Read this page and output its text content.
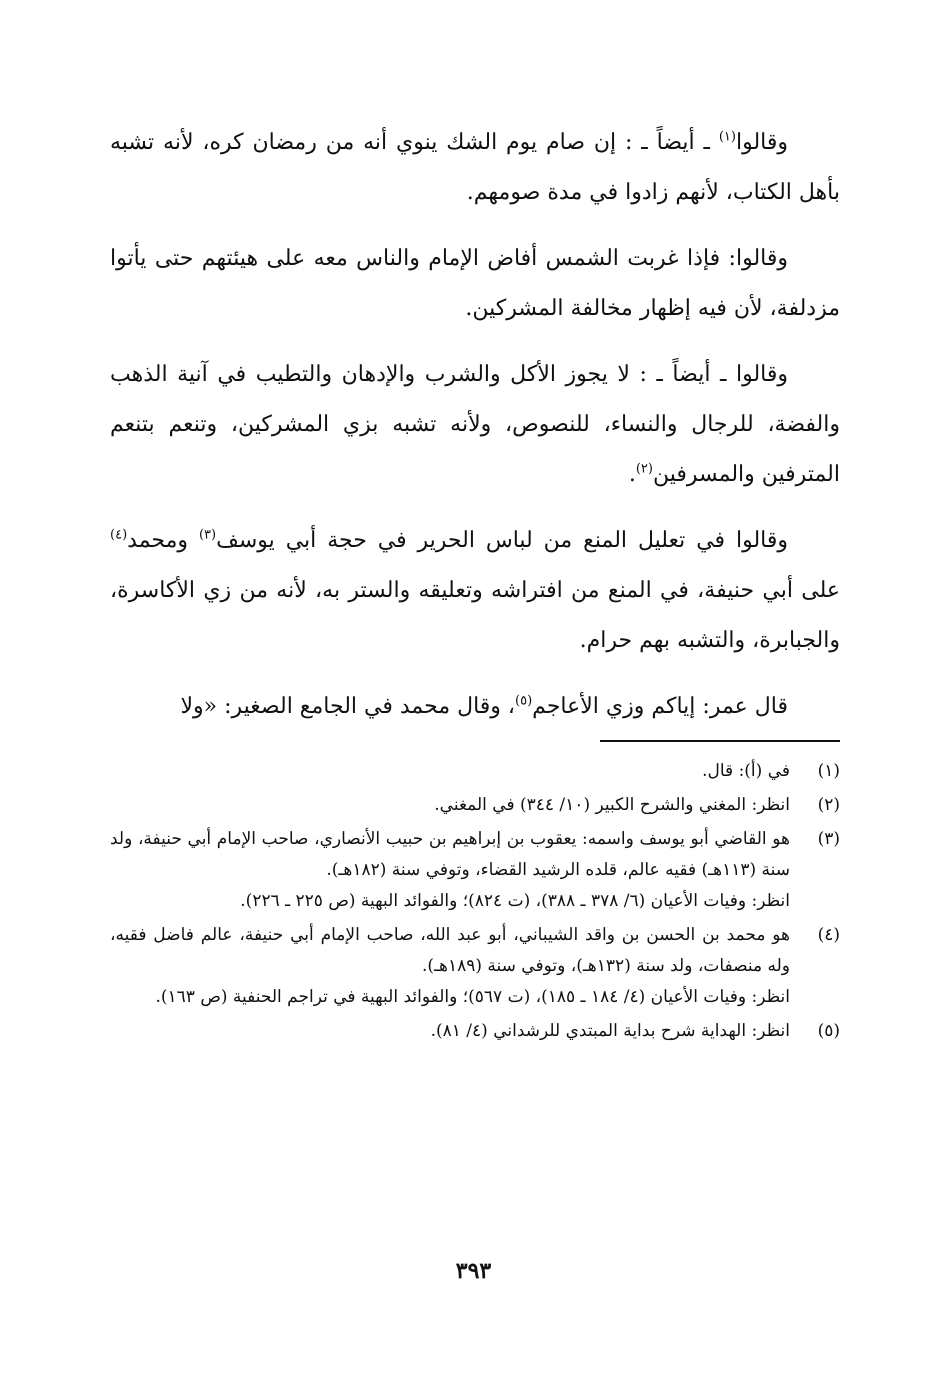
وقالوا$^{(١)}$ ـ أيضاً ـ : إن صام يوم الشك ينوي أنه من رمضان كره، لأنه تشبه بأهل الكتاب، لأنهم زادوا في مدة صومهم.

وقالوا: فإذا غربت الشمس أفاض الإمام والناس معه على هيئتهم حتى يأتوا مزدلفة، لأن فيه إظهار مخالفة المشركين.

وقالوا ـ أيضاً ـ : لا يجوز الأكل والشرب والإدهان والتطيب في آنية الذهب والفضة، للرجال والنساء، للنصوص، ولأنه تشبه بزي المشركين، وتنعم بتنعم المترفين والمسرفين$^{(٢)}$.

وقالوا في تعليل المنع من لباس الحرير في حجة أبي يوسف$^{(٣)}$ ومحمد$^{(٤)}$ على أبي حنيفة، في المنع من افتراشه وتعليقه والستر به، لأنه من زي الأكاسرة، والجبابرة، والتشبه بهم حرام.

قال عمر: إياكم وزي الأعاجم$^{(٥)}$، وقال محمد في الجامع الصغير: «ولا

(١)
في (أ): قال.
(٢)
انظر: المغني والشرح الكبير (١٠/ ٣٤٤) في المغني.
(٣)
هو القاضي أبو يوسف واسمه: يعقوب بن إبراهيم بن حبيب الأنصاري، صاحب الإمام أبي حنيفة، ولد سنة (١١٣هـ) فقيه عالم، قلده الرشيد القضاء، وتوفي سنة (١٨٢هـ).
انظر: وفيات الأعيان (٦/ ٣٧٨ ـ ٣٨٨)، (ت ٨٢٤)؛ والفوائد البهية (ص ٢٢٥ ـ ٢٢٦).
(٤)
هو محمد بن الحسن بن واقد الشيباني، أبو عبد الله، صاحب الإمام أبي حنيفة، عالم فاضل فقيه، وله منصفات، ولد سنة (١٣٢هـ)، وتوفي سنة (١٨٩هـ).
انظر: وفيات الأعيان (٤/ ١٨٤ ـ ١٨٥)، (ت ٥٦٧)؛ والفوائد البهية في تراجم الحنفية (ص ١٦٣).
(٥)
انظر: الهداية شرح بداية المبتدي للرشداني (٤/ ٨١).
٣٩٣
